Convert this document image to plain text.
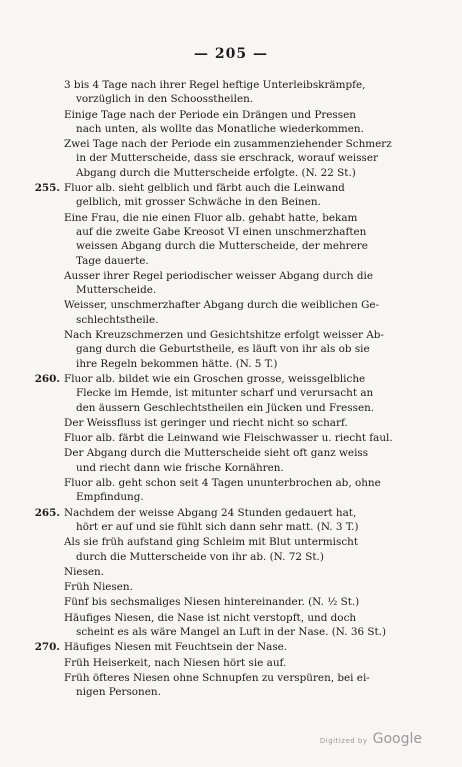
— 205 —
3 bis 4 Tage nach ihrer Regel heftige Unterleibskrämpfe,
vorzüglich in den Schoosstheilen.
Einige Tage nach der Periode ein Drängen und Pressen
nach unten, als wollte das Monatliche wiederkommen.
Zwei Tage nach der Periode ein zusammenziehender Schmerz
in der Mutterscheide, dass sie erschrack, worauf weisser
Abgang durch die Mutterscheide erfolgte. (N. 22 St.)
255. Fluor alb. sieht gelblich und färbt auch die Leinwand
gelblich, mit grosser Schwäche in den Beinen.
Eine Frau, die nie einen Fluor alb. gehabt hatte, bekam
auf die zweite Gabe Kreosot VI einen unschmerzhaften
weissen Abgang durch die Mutterscheide, der mehrere
Tage dauerte.
Ausser ihrer Regel periodischer weisser Abgang durch die
Mutterscheide.
Weisser, unschmerzhafter Abgang durch die weiblichen Ge-
schlechtstheile.
Nach Kreuzschmerzen und Gesichtshitze erfolgt weisser Ab-
gang durch die Geburtstheile, es läuft von ihr als ob sie
ihre Regeln bekommen hätte. (N. 5 T.)
260. Fluor alb. bildet wie ein Groschen grosse, weissgelbliche
Flecke im Hemde, ist mitunter scharf und verursacht an
den äussern Geschlechtstheilen ein Jücken und Fressen.
Der Weissfluss ist geringer und riecht nicht so scharf.
Fluor alb. färbt die Leinwand wie Fleischwasser u. riecht faul.
Der Abgang durch die Mutterscheide sieht oft ganz weiss
und riecht dann wie frische Kornähren.
Fluor alb. geht schon seit 4 Tagen ununterbrochen ab, ohne
Empfindung.
265. Nachdem der weisse Abgang 24 Stunden gedauert hat,
hört er auf und sie fühlt sich dann sehr matt. (N. 3 T.)
Als sie früh aufstand ging Schleim mit Blut untermischt
durch die Mutterscheide von ihr ab. (N. 72 St.)
Niesen.
Früh Niesen.
Fünf bis sechsmaliges Niesen hintereinander. (N. ½ St.)
Häufiges Niesen, die Nase ist nicht verstopft, und doch
scheint es als wäre Mangel an Luft in der Nase. (N. 36 St.)
270. Häufiges Niesen mit Feuchtsein der Nase.
Früh Heiserkeit, nach Niesen hört sie auf.
Früh öfteres Niesen ohne Schnupfen zu verspüren, bei ei-
nigen Personen.
Digitized by Google
